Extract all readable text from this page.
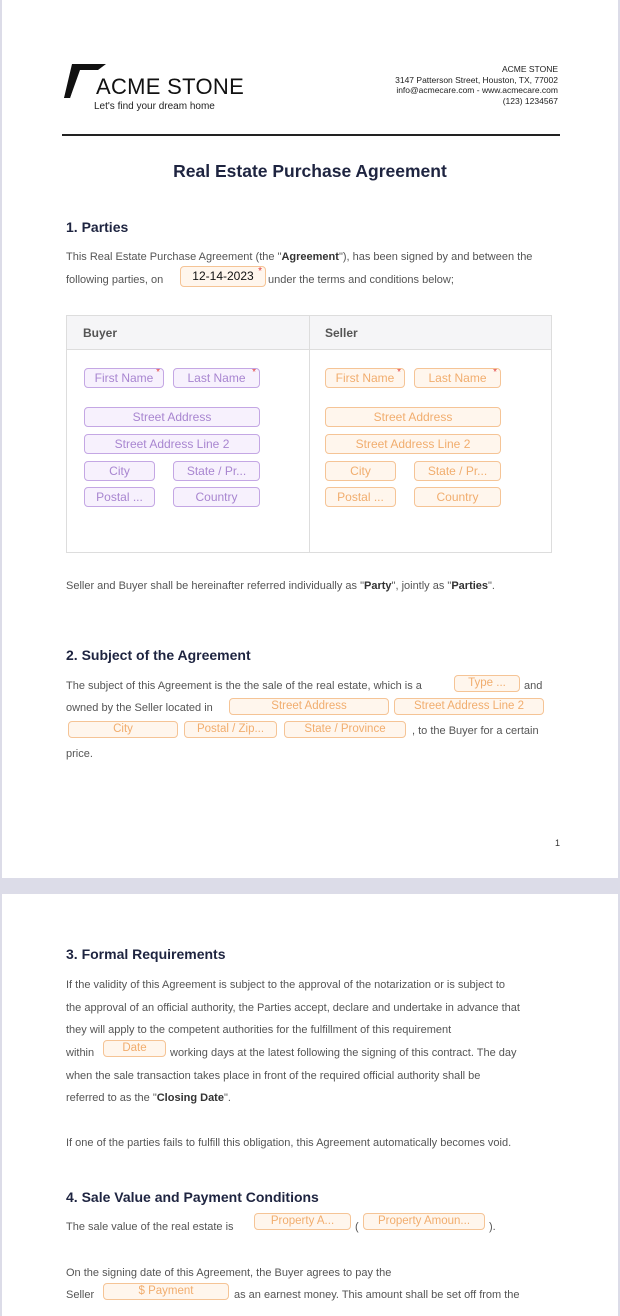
ACME STONE
Let's find your dream home
ACME STONE
3147 Patterson Street, Houston, TX, 77002
info@acmecare.com - www.acmecare.com
(123) 1234567
Real Estate Purchase Agreement
1. Parties
This Real Estate Purchase Agreement (the "Agreement"), has been signed by and between the
following parties, on	12-14-2023 *	under the terms and conditions below;
Buyer	Seller
First Name *	Last Name *
Street Address
Street Address Line 2
City	State / Pr...
Postal ...	Country
First Name *	Last Name *
Street Address
Street Address Line 2
City	State / Pr...
Postal ...	Country
Seller and Buyer shall be hereinafter referred individually as "Party", jointly as "Parties".
2. Subject of the Agreement
The subject of this Agreement is the the sale of the real estate, which is a	Type ...	and
owned by the Seller located in	Street Address	Street Address Line 2
City	Postal / Zip...	State / Province	, to the Buyer for a certain
price.
1
3. Formal Requirements
If the validity of this Agreement is subject to the approval of the notarization or is subject to
the approval of an official authority, the Parties accept, declare and undertake in advance that
they will apply to the competent authorities for the fulfillment of this requirement
within	Date	working days at the latest following the signing of this contract. The day
when the sale transaction takes place in front of the required official authority shall be
referred to as the "Closing Date".
If one of the parties fails to fulfill this obligation, this Agreement automatically becomes void.
4. Sale Value and Payment Conditions
The sale value of the real estate is	Property A...	(	Property Amoun...	).
On the signing date of this Agreement, the Buyer agrees to pay the
Seller	$ Payment	as an earnest money. This amount shall be set off from the
